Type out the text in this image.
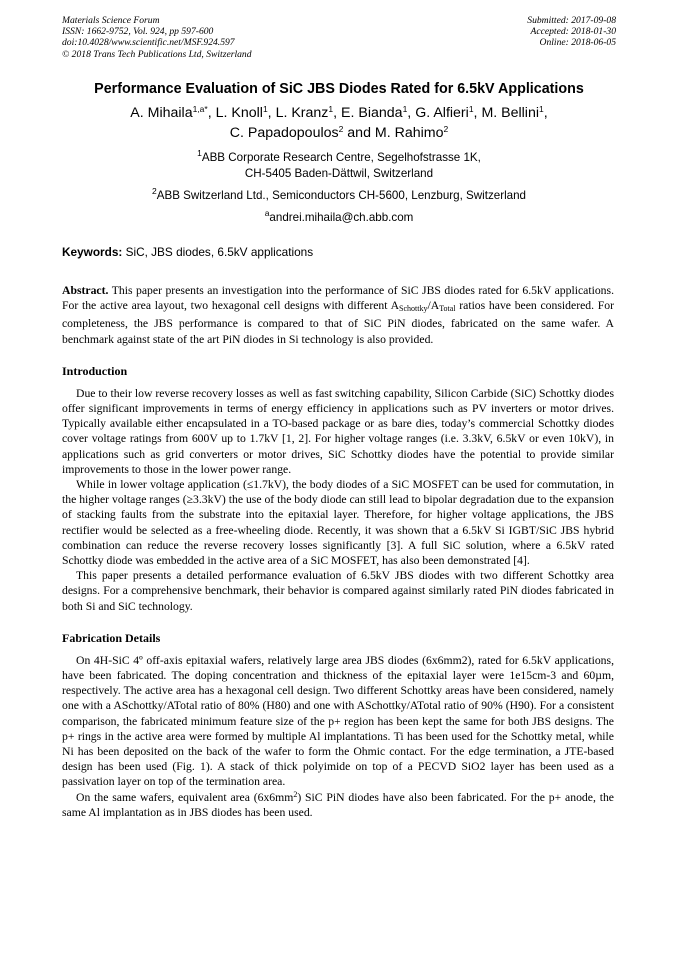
Materials Science Forum
ISSN: 1662-9752, Vol. 924, pp 597-600
doi:10.4028/www.scientific.net/MSF.924.597
© 2018 Trans Tech Publications Ltd, Switzerland
Submitted: 2017-09-08
Accepted: 2018-01-30
Online: 2018-06-05
Performance Evaluation of SiC JBS Diodes Rated for 6.5kV Applications
A. Mihaila$^{1,a*}$, L. Knoll$^1$, L. Kranz$^1$, E. Bianda$^1$, G. Alfieri$^1$, M. Bellini$^1$,
C. Papadopoulos$^2$ and M. Rahimo$^2$
$^1$ABB Corporate Research Centre, Segelhofstrasse 1K,
CH-5405 Baden-Dättwil, Switzerland
$^2$ABB Switzerland Ltd., Semiconductors CH-5600, Lenzburg, Switzerland
$^a$andrei.mihaila@ch.abb.com
Keywords: SiC, JBS diodes, 6.5kV applications

Abstract. This paper presents an investigation into the performance of SiC JBS diodes rated for 6.5kV applications. For the active area layout, two hexagonal cell designs with different ASchottky/ATotal ratios have been considered. For completeness, the JBS performance is compared to that of SiC PiN diodes, fabricated on the same wafer. A benchmark against state of the art PiN diodes in Si technology is also provided.

Introduction

Due to their low reverse recovery losses as well as fast switching capability, Silicon Carbide (SiC) Schottky diodes offer significant improvements in terms of energy efficiency in applications such as PV inverters or motor drives. Typically available either encapsulated in a TO-based package or as bare dies, today’s commercial Schottky diodes cover voltage ratings from 600V up to 1.7kV [1, 2]. For higher voltage ranges (i.e. 3.3kV, 6.5kV or even 10kV), in applications such as grid converters or motor drives, SiC Schottky diodes have the potential to provide similar improvements to those in the lower power range.

While in lower voltage application (≤1.7kV), the body diodes of a SiC MOSFET can be used for commutation, in the higher voltage ranges (≥3.3kV) the use of the body diode can still lead to bipolar degradation due to the expansion of stacking faults from the substrate into the epitaxial layer. Therefore, for higher voltage applications, the JBS rectifier would be selected as a free-wheeling diode. Recently, it was shown that a 6.5kV Si IGBT/SiC JBS hybrid combination can reduce the reverse recovery losses significantly [3]. A full SiC solution, where a 6.5kV rated Schottky diode was embedded in the active area of a SiC MOSFET, has also been demonstrated [4].

This paper presents a detailed performance evaluation of 6.5kV JBS diodes with two different Schottky area designs. For a comprehensive benchmark, their behavior is compared against similarly rated PiN diodes fabricated in both Si and SiC technology.

Fabrication Details

On 4H-SiC 4º off-axis epitaxial wafers, relatively large area JBS diodes (6x6mm2), rated for 6.5kV applications, have been fabricated. The doping concentration and thickness of the epitaxial layer were 1e15cm-3 and 60µm, respectively. The active area has a hexagonal cell design. Two different Schottky areas have been considered, namely one with a ASchottky/ATotal ratio of 80% (H80) and one with ASchottky/ATotal ratio of 90% (H90). For a consistent comparison, the fabricated minimum feature size of the p+ region has been kept the same for both JBS designs. The p+ rings in the active area were formed by multiple Al implantations. Ti has been used for the Schottky metal, while Ni has been deposited on the back of the wafer to form the Ohmic contact. For the edge termination, a JTE-based design has been used (Fig. 1). A stack of thick polyimide on top of a PECVD SiO2 layer has been used as a passivation layer on top of the termination area.

On the same wafers, equivalent area $(6x6mm^2)$ SiC PiN diodes have also been fabricated. For the p+ anode, the same Al implantation as in JBS diodes has been used.
